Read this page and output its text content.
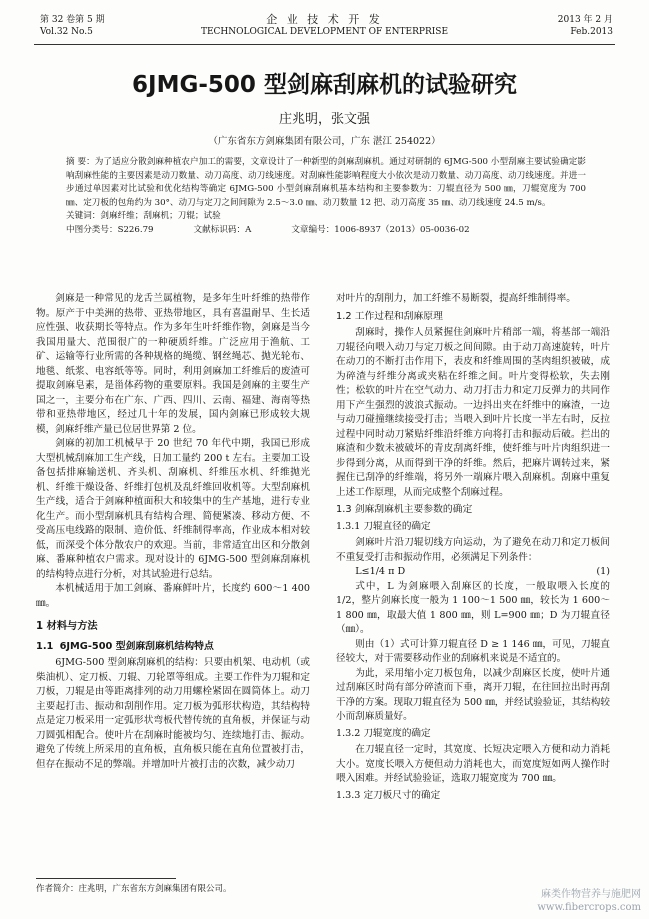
第 32 卷第 5 期
Vol.32 No.5
企 业 技 术 开 发
TECHNOLOGICAL DEVELOPMENT OF ENTERPRISE
2013 年 2 月
Feb.2013
6JMG-500 型剑麻刮麻机的试验研究
庄兆明，张文强
（广东省东方剑麻集团有限公司，广东 湛江 254022）
摘 要：为了适应分散剑麻种植农户加工的需要，文章设计了一种新型的剑麻刮麻机。通过对研制的 6JMG-500 小型刮麻主要试验确定影响刮麻性能的主要因素是动刀数量、动刀高度、动刀线速度。对刮麻性能影响程度大小依次是动刀数量、动刀高度、动刀线速度。并进一步通过单因素对比试验和优化结构等确定 6JMG-500 小型剑麻刮麻机基本结构和主要参数为：刀辊直径为 500 ㎜，刀辊宽度为 700 ㎜、定刀板的包角约为 30°、动刀与定刀之间间隙为 2.5～3.0 ㎜、动刀数量 12 把、动刀高度 35 ㎜、动刀线速度 24.5 m/s。
关键词：剑麻纤维；刮麻机；刀辊；试验
中图分类号：S226.79	文献标识码：A	文章编号：1006-8937（2013）05-0036-02

剑麻是一种常见的龙舌兰属植物，是多年生叶纤维的热带作物。原产于中美洲的热带、亚热带地区，具有喜温耐旱、生长适应性强、收获期长等特点。作为多年生叶纤维作物，剑麻是当今我国用量大、范围很广的一种硬质纤维。广泛应用于渔航、工矿、运输等行业所需的各种规格的绳缆、钢丝绳芯、抛光轮布、地毯、纸浆、电容纸等等。同时，利用剑麻加工纤维后的废渣可提取剑麻皂素，是甾体药物的重要原料。我国是剑麻的主要生产国之一，主要分布在广东、广西、四川、云南、福建、海南等热带和亚热带地区，经过几十年的发展，国内剑麻已形成较大规模，剑麻纤维产量已位居世界第 2 位。

剑麻的初加工机械早于 20 世纪 70 年代中期，我国已形成大型机械刮麻加工生产线，日加工量约 200 t 左右。主要加工设备包括排麻输送机、齐头机、刮麻机、纤维压水机、纤维抛光机、纤维干燥设备、纤维打包机及乱纤维回收机等。大型刮麻机生产线，适合于剑麻种植面积大和较集中的生产基地，进行专业化生产。而小型刮麻机具有结构合理、简便紧凑、移动方便、不受高压电线路的限制、造价低、纤维制得率高，作业成本相对较低，而深受个体分散农户的欢迎。当前，非常适宜出区和分散剑麻、番麻种植农户需求。现对设计的 6JMG-500 型剑麻刮麻机的结构特点进行分析，对其试验进行总结。

本机械适用于加工剑麻、番麻鲜叶片，长度约 600～1 400 ㎜。

1 材料与方法

1.1 6JMG-500 型剑麻刮麻机结构特点

6JMG-500 型剑麻刮麻机的结构：只要由机架、电动机（或柴油机）、定刀板、刀辊、刀轮罩等组成。主要工作件为刀辊和定刀板，刀辊是由等距离排列的动刀用螺栓紧固在圆筒体上。动刀主要起打击、振动和刮削作用。定刀板为弧形状构造，其结构特点是定刀板采用一定弧形状弯板代替传统的直角板，并保证与动刀圆弧相配合。使叶片在刮麻时能被均匀、连续地打击、振动。避免了传统上所采用的直角板，直角板只能在直角位置被打击，但存在振动不足的弊端。并增加叶片被打击的次数，减少动刀

对叶片的刮削力，加工纤维不易断裂，提高纤维制得率。

1.2 工作过程和刮麻原理

刮麻时，操作人员紧握住剑麻叶片稍部一端，将基部一端沿刀辊径向喂入动刀与定刀板之间间隙。由于动刀高速旋转，叶片在动刀的不断打击作用下，表皮和纤维周围的茎肉组织被破，成为碎渣与纤维分离或夹粘在纤维之间。叶片变得松软，失去刚性；松软的叶片在空气动力、动刀打击力和定刀反弹力的共同作用下产生强烈的波浪式振动。一边抖出夹在纤维中的麻渣，一边与动刀碰撞继续接受打击；当喂入到叶片长度一半左右时，反拉过程中同时动刀紧贴纤维沿纤维方向将打击和振动后破。拦出的麻渣和少数未被破坏的青皮刮离纤维，使纤维与叶片肉组织进一步得到分离，从而得到干净的纤维。然后，把麻片调转过来，紧握住已刮净的纤维端，将另外一端麻片喂入刮麻机。刮麻中重复上述工作原理，从而完成整个刮麻过程。

1.3 剑麻刮麻机主要参数的确定

1.3.1 刀辊直径的确定

剑麻叶片沿刀辊切线方向运动，为了避免在动刀和定刀板间不重复受打击和振动作用，必须满足下列条件：

L≤1/4 π D	(1)

式中，L 为剑麻喂入刮麻区的长度，一般取喂入长度的 1/2，整片剑麻长度一般为 1 100～1 500 ㎜，较长为 1 600～1 800 ㎜，取最大值 1 800 ㎜，则 L=900 ㎜；D 为刀辊直径（㎜）。

则由（1）式可计算刀辊直径 D ≥ 1 146 ㎜，可见，刀辊直径较大，对于需要移动作业的刮麻机来说是不适宜的。

为此，采用缩小定刀板包角，以减少刮麻区长度，使叶片通过刮麻区时尚有部分碎渣而下垂，离开刀辊，在往回拉出时再刮干净的方案。现取刀辊直径为 500 ㎜，并经试验验证，其结构较小而刮麻质量好。

1.3.2 刀辊宽度的确定

在刀辊直径一定时，其宽度、长短决定喂入方便和动力消耗大小。宽度长喂入方便但动力消耗也大，而宽度短如两人操作时喂入困难。并经试验验证，选取刀辊宽度为 700 ㎜。

1.3.3 定刀板尺寸的确定

作者简介：庄兆明，广东省东方剑麻集团有限公司。	麻类作物营养与施肥网
www.fibercrops.com
